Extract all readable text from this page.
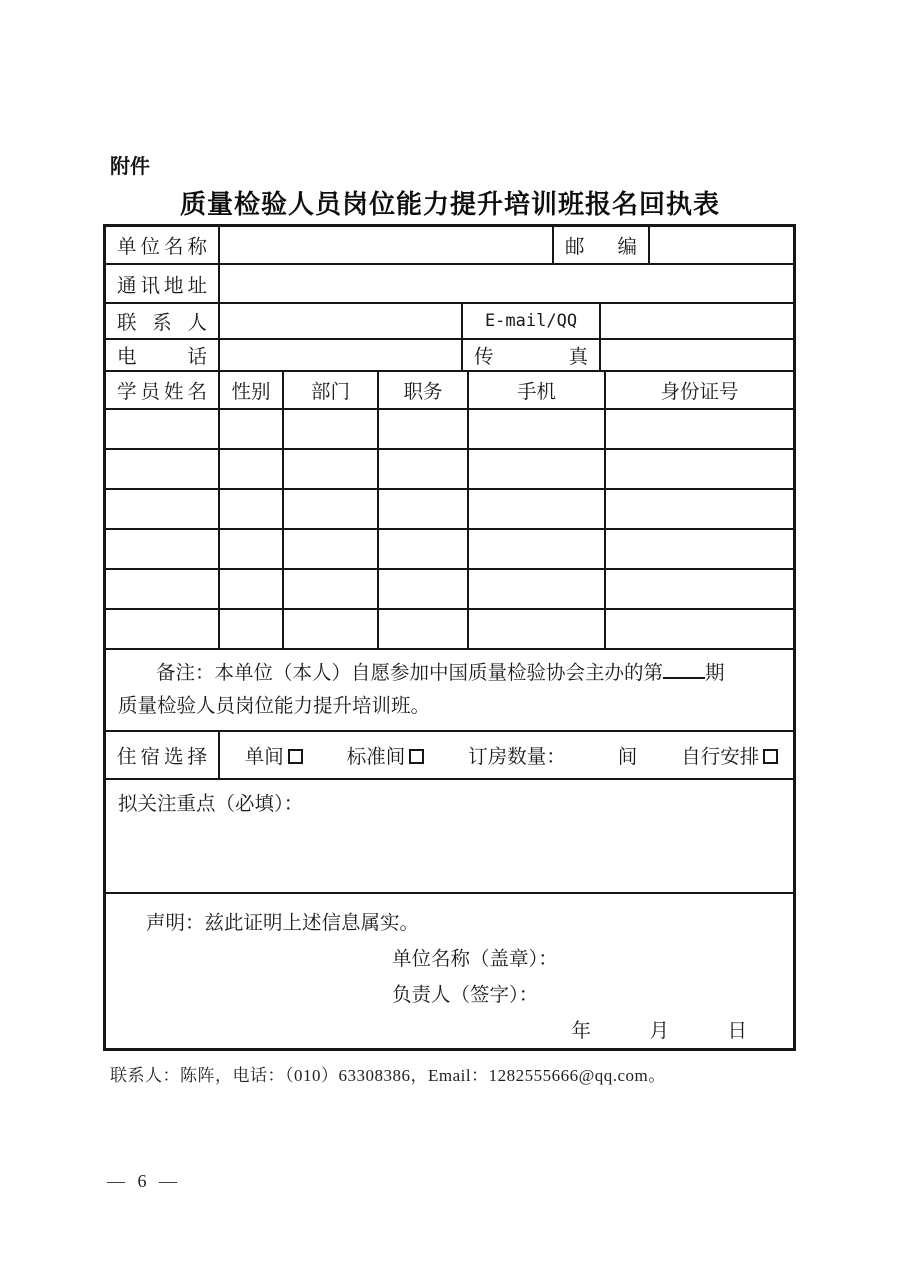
附件
质量检验人员岗位能力提升培训班报名回执表
单位名称	邮编
通讯地址
联系人	E-mail/QQ
电话	传真
学员姓名	性别	部门	职务	手机	身份证号
备注：本单位（本人）自愿参加中国质量检验协会主办的第 期
质量检验人员岗位能力提升培训班。
住宿选择 单间	标准间	订房数量：	间 自行安排
拟关注重点（必填）：
声明：兹此证明上述信息属实。
单位名称（盖章）：
负责人（签字）：
年　　　月　　　日
联系人：陈阵，电话：（010）63308386，Email：1282555666@qq.com。
— 6 —
